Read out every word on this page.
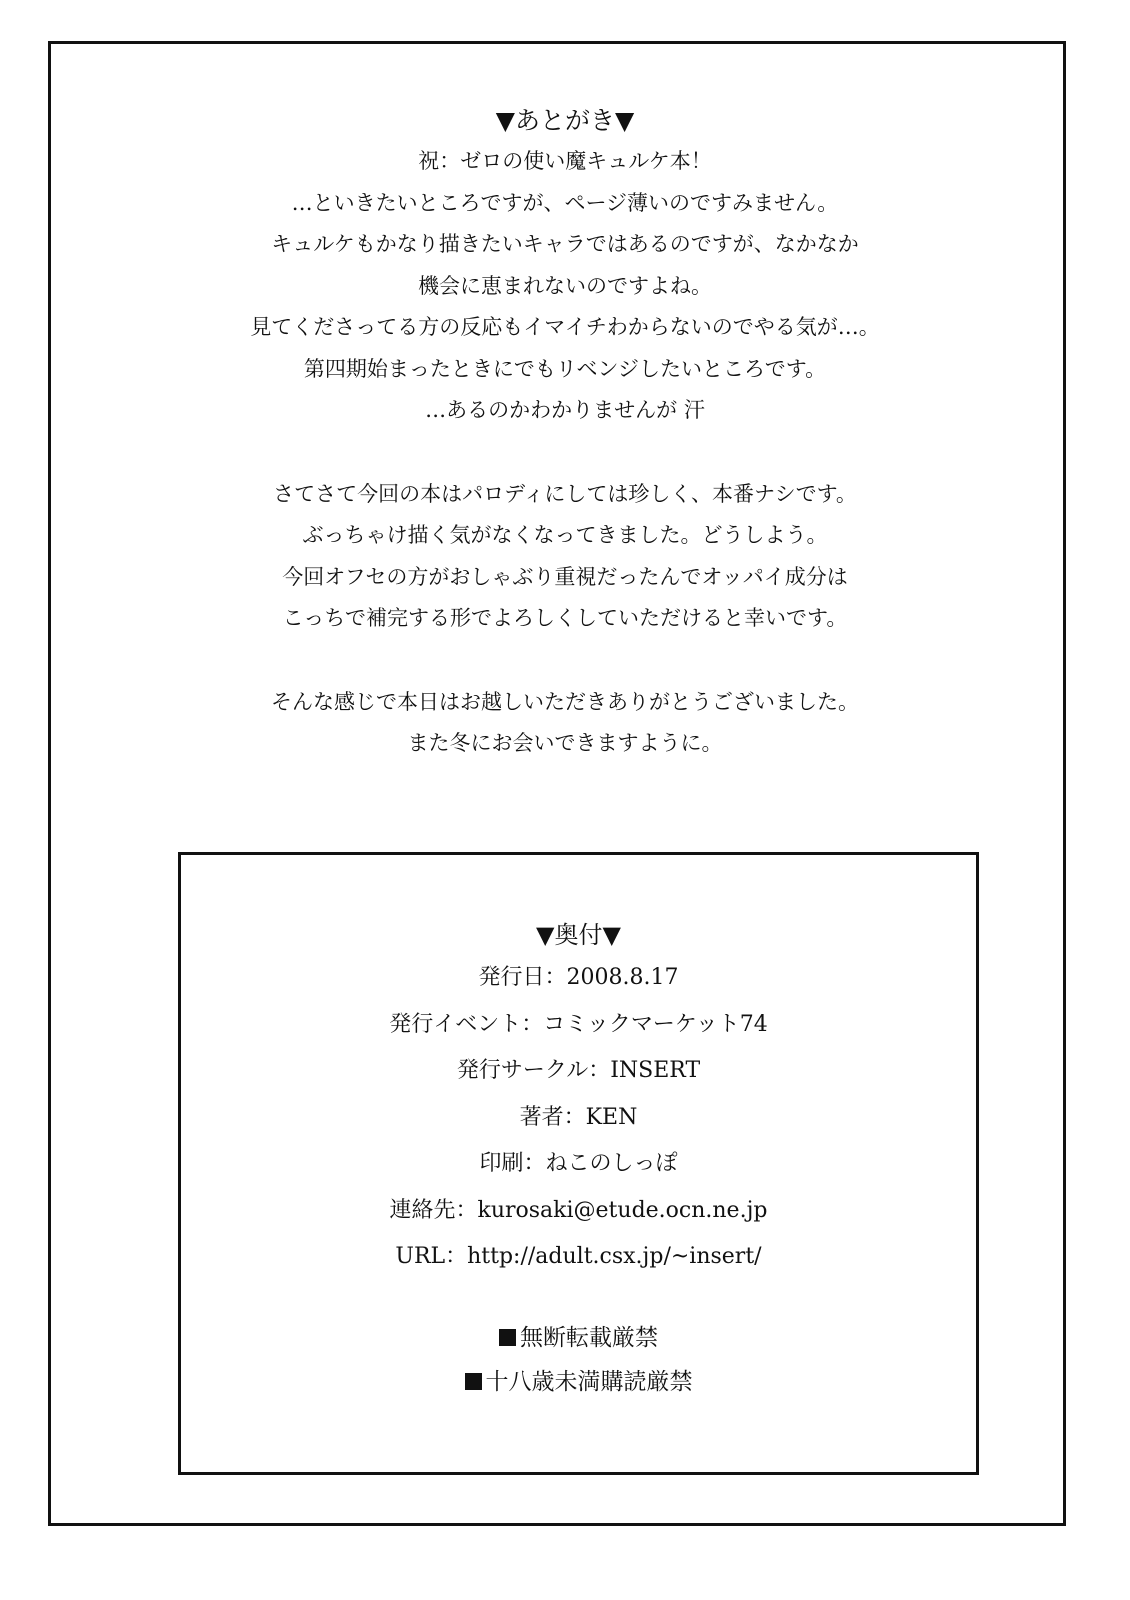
▼あとがき▼

祝：ゼロの使い魔キュルケ本！

…といきたいところですが、ページ薄いのですみません。

キュルケもかなり描きたいキャラではあるのですが、なかなか

機会に恵まれないのですよね。

見てくださってる方の反応もイマイチわからないのでやる気が…。

第四期始まったときにでもリベンジしたいところです。

…あるのかわかりませんが 汗

さてさて今回の本はパロディにしては珍しく、本番ナシです。

ぶっちゃけ描く気がなくなってきました。どうしよう。

今回オフセの方がおしゃぶり重視だったんでオッパイ成分は

こっちで補完する形でよろしくしていただけると幸いです。

そんな感じで本日はお越しいただきありがとうございました。

また冬にお会いできますように。

▼奥付▼

発行日：2008.8.17

発行イベント：コミックマーケット74

発行サークル：INSERT

著者：KEN

印刷：ねこのしっぽ

連絡先：kurosaki@etude.ocn.ne.jp

URL：http://adult.csx.jp/~insert/

無断転載厳禁

十八歳未満購読厳禁
